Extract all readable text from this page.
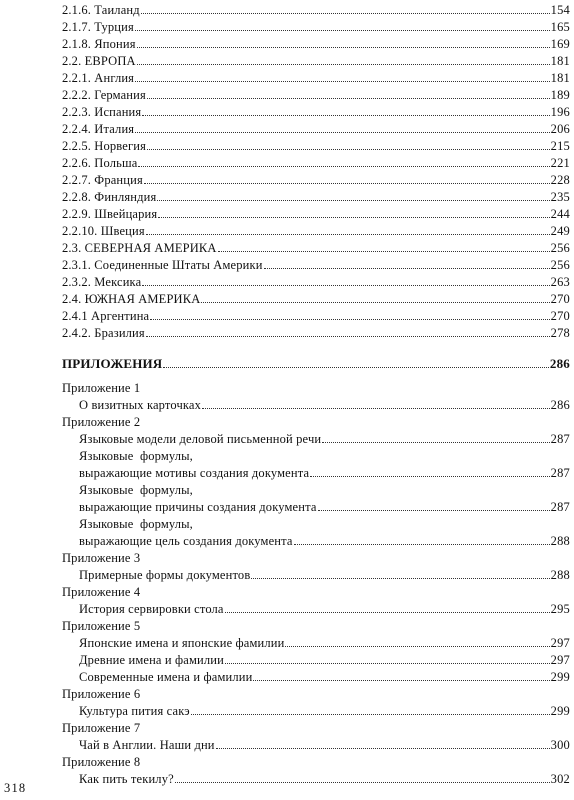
2.1.6. Таиланд	154
2.1.7. Турция	165
2.1.8. Япония	169
2.2. ЕВРОПА	181
2.2.1. Англия	181
2.2.2. Германия	189
2.2.3. Испания	196
2.2.4. Италия	206
2.2.5. Норвегия	215
2.2.6. Польша	221
2.2.7. Франция	228
2.2.8. Финляндия	235
2.2.9. Швейцария	244
2.2.10. Швеция	249
2.3. СЕВЕРНАЯ АМЕРИКА	256
2.3.1. Соединенные Штаты Америки	256
2.3.2. Мексика	263
2.4. ЮЖНАЯ АМЕРИКА	270
2.4.1 Аргентина	270
2.4.2. Бразилия	278
ПРИЛОЖЕНИЯ	286
Приложение 1
О визитных карточках	286
Приложение 2
Языковые модели деловой письменной речи	287
Языковые  формулы,
выражающие мотивы создания документа	287
Языковые  формулы,
выражающие причины создания документа	287
Языковые  формулы,
выражающие цель создания документа	288
Приложение 3
Примерные формы документов	288
Приложение 4
История сервировки стола	295
Приложение 5
Японские имена и японские фамилии	297
Древние имена и фамилии	297
Современные имена и фамилии	299
Приложение 6
Культура пития сакэ	299
Приложение 7
Чай в Англии. Наши дни	300
Приложение 8
Как пить текилу?	302
318
